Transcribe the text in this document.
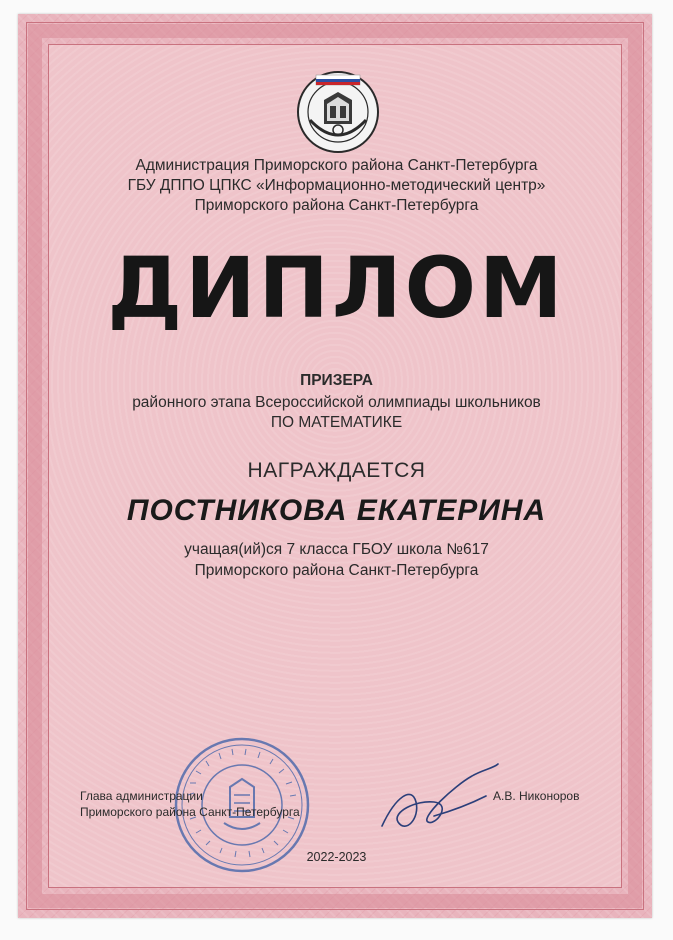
Администрация Приморского района Санкт-Петербурга
ГБУ ДППО ЦПКС «Информационно-методический центр»
Приморского района Санкт-Петербурга
ДИПЛОМ
ПРИЗЕРА
районного этапа Всероссийской олимпиады школьников
ПО МАТЕМАТИКЕ
НАГРАЖДАЕТСЯ
ПОСТНИКОВА ЕКАТЕРИНА
учащая(ий)ся 7 класса ГБОУ школа №617
Приморского района Санкт-Петербурга
Глава администрации
Приморского района Санкт-Петербурга
А.В. Никоноров
2022-2023
